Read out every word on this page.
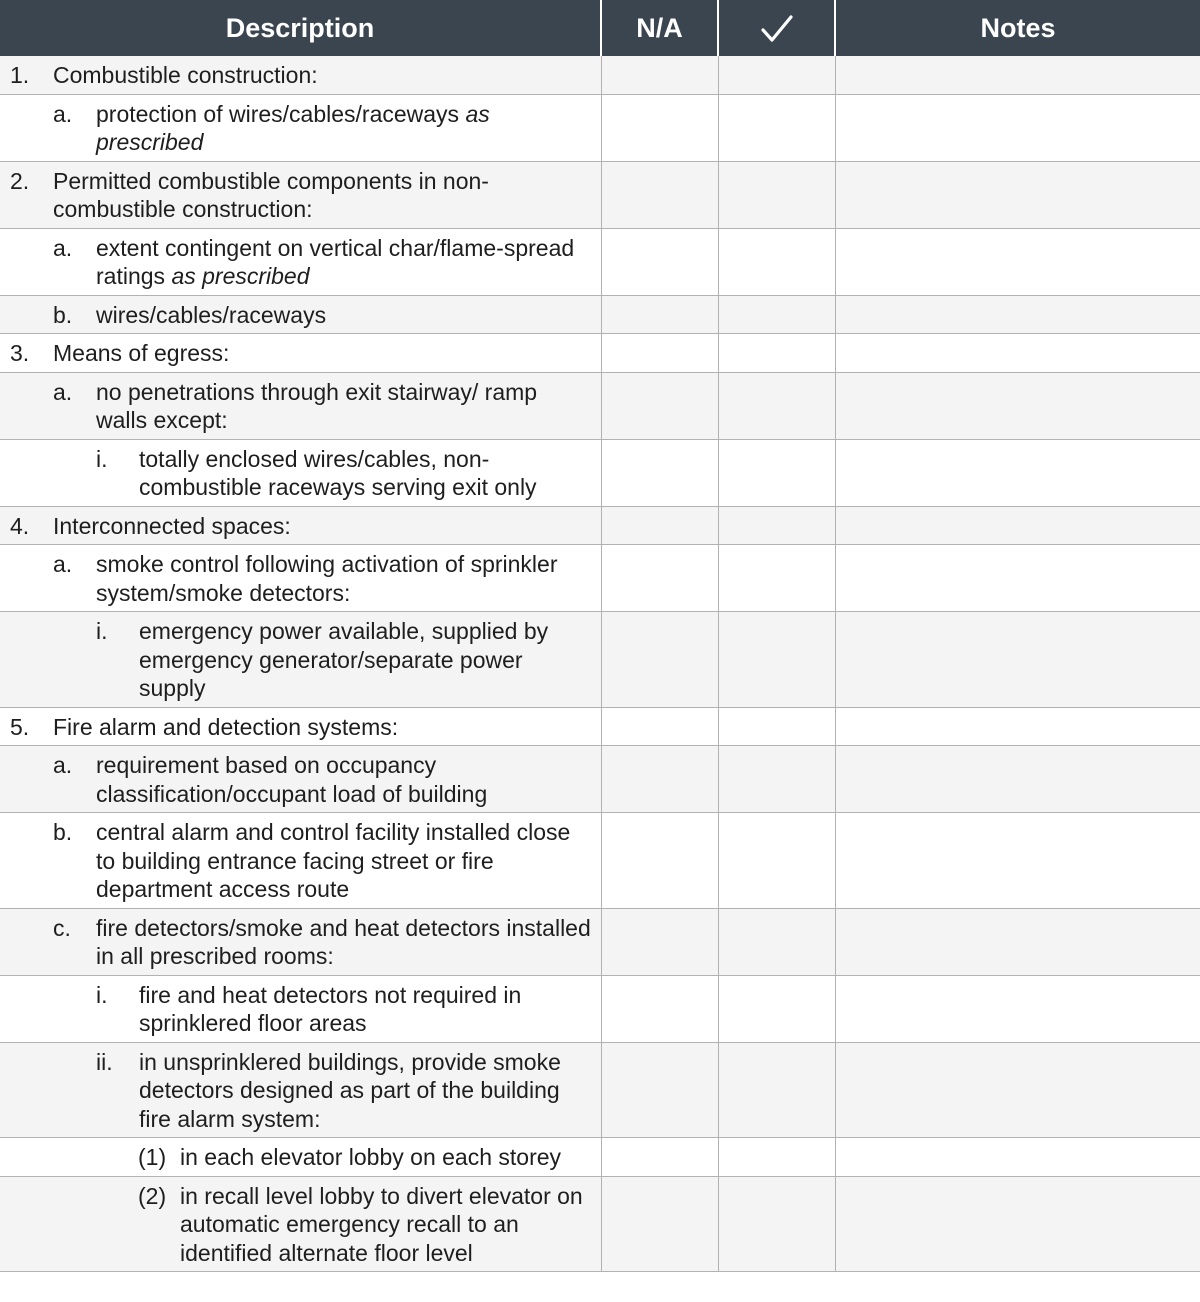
Description	N/A		Notes

1. Combustible construction:			

a. protection of wires/cables/raceways as prescribed			

2. Permitted combustible components in non-combustible construction:			

a. extent contingent on vertical char/flame-spread ratings as prescribed			

b. wires/cables/raceways			

3. Means of egress:			

a. no penetrations through exit stairway/ ramp walls except:			

i. totally enclosed wires/cables, non-combustible raceways serving exit only			

4. Interconnected spaces:			

a. smoke control following activation of sprinkler system/smoke detectors:			

i. emergency power available, supplied by emergency generator/separate power supply			

5. Fire alarm and detection systems:			

a. requirement based on occupancy classification/occupant load of building			

b. central alarm and control facility installed close to building entrance facing street or fire department access route			

c. fire detectors/smoke and heat detectors installed in all prescribed rooms:			

i. fire and heat detectors not required in sprinklered floor areas			

ii. in unsprinklered buildings, provide smoke detectors designed as part of the building fire alarm system:			

(1) in each elevator lobby on each storey			

(2) in recall level lobby to divert elevator on automatic emergency recall to an identified alternate floor level			
